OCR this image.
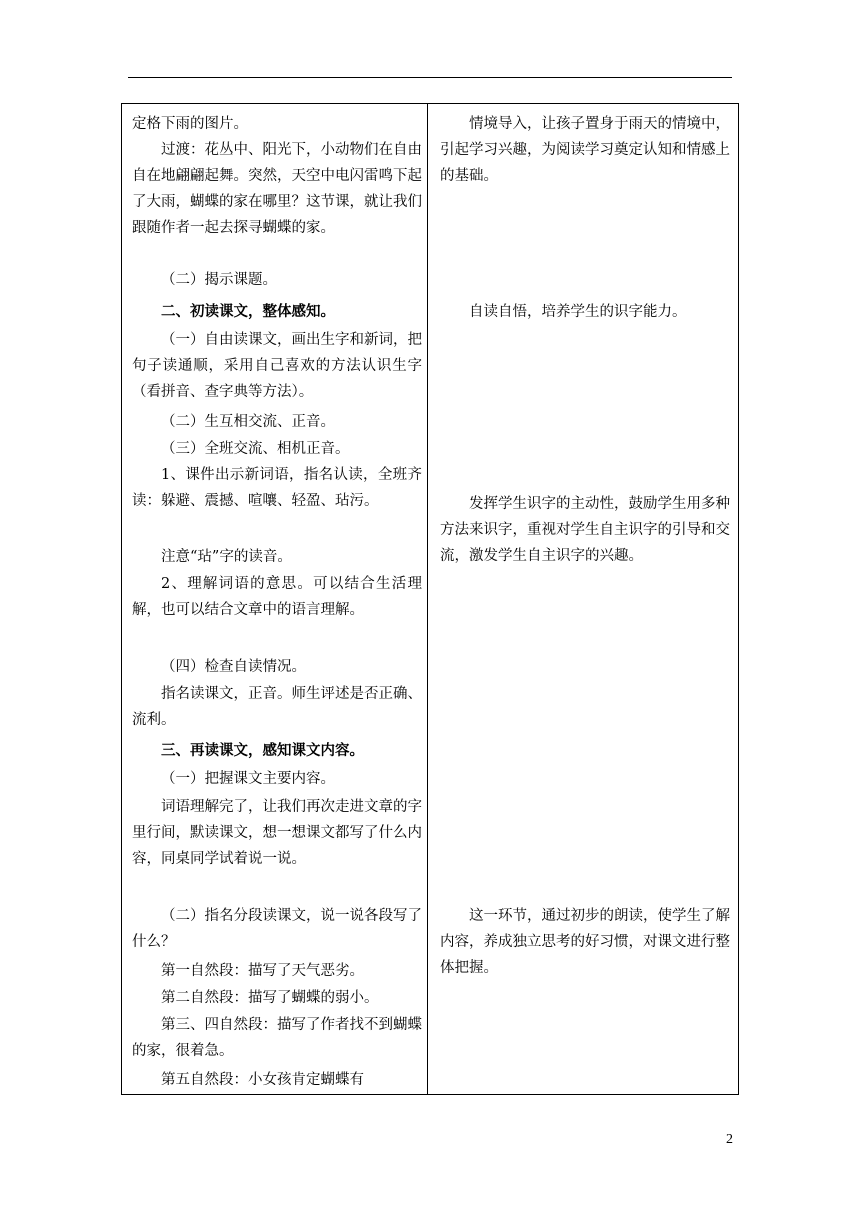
定格下雨的图片。
过渡：花丛中、阳光下，小动物们在自由自在地翩翩起舞。突然，天空中电闪雷鸣下起了大雨，蝴蝶的家在哪里？这节课，就让我们跟随作者一起去探寻蝴蝶的家。
（二）揭示课题。
二、初读课文，整体感知。
（一）自由读课文，画出生字和新词，把句子读通顺，采用自己喜欢的方法认识生字（看拼音、查字典等方法）。
（二）生互相交流、正音。
（三）全班交流、相机正音。
1、课件出示新词语，指名认读，全班齐读：躲避、震撼、喧嚷、轻盈、玷污。
注意“玷”字的读音。
2、理解词语的意思。可以结合生活理解，也可以结合文章中的语言理解。
（四）检查自读情况。
指名读课文，正音。师生评述是否正确、流利。
三、再读课文，感知课文内容。
（一）把握课文主要内容。
词语理解完了，让我们再次走进文章的字里行间，默读课文，想一想课文都写了什么内容，同桌同学试着说一说。
（二）指名分段读课文，说一说各段写了什么？
第一自然段：描写了天气恶劣。
第二自然段：描写了蝴蝶的弱小。
第三、四自然段：描写了作者找不到蝴蝶的家，很着急。
第五自然段：小女孩肯定蝴蝶有
情境导入，让孩子置身于雨天的情境中，引起学习兴趣，为阅读学习奠定认知和情感上的基础。
自读自悟，培养学生的识字能力。
发挥学生识字的主动性，鼓励学生用多种方法来识字，重视对学生自主识字的引导和交流，激发学生自主识字的兴趣。
这一环节，通过初步的朗读，使学生了解内容，养成独立思考的好习惯，对课文进行整体把握。
2
